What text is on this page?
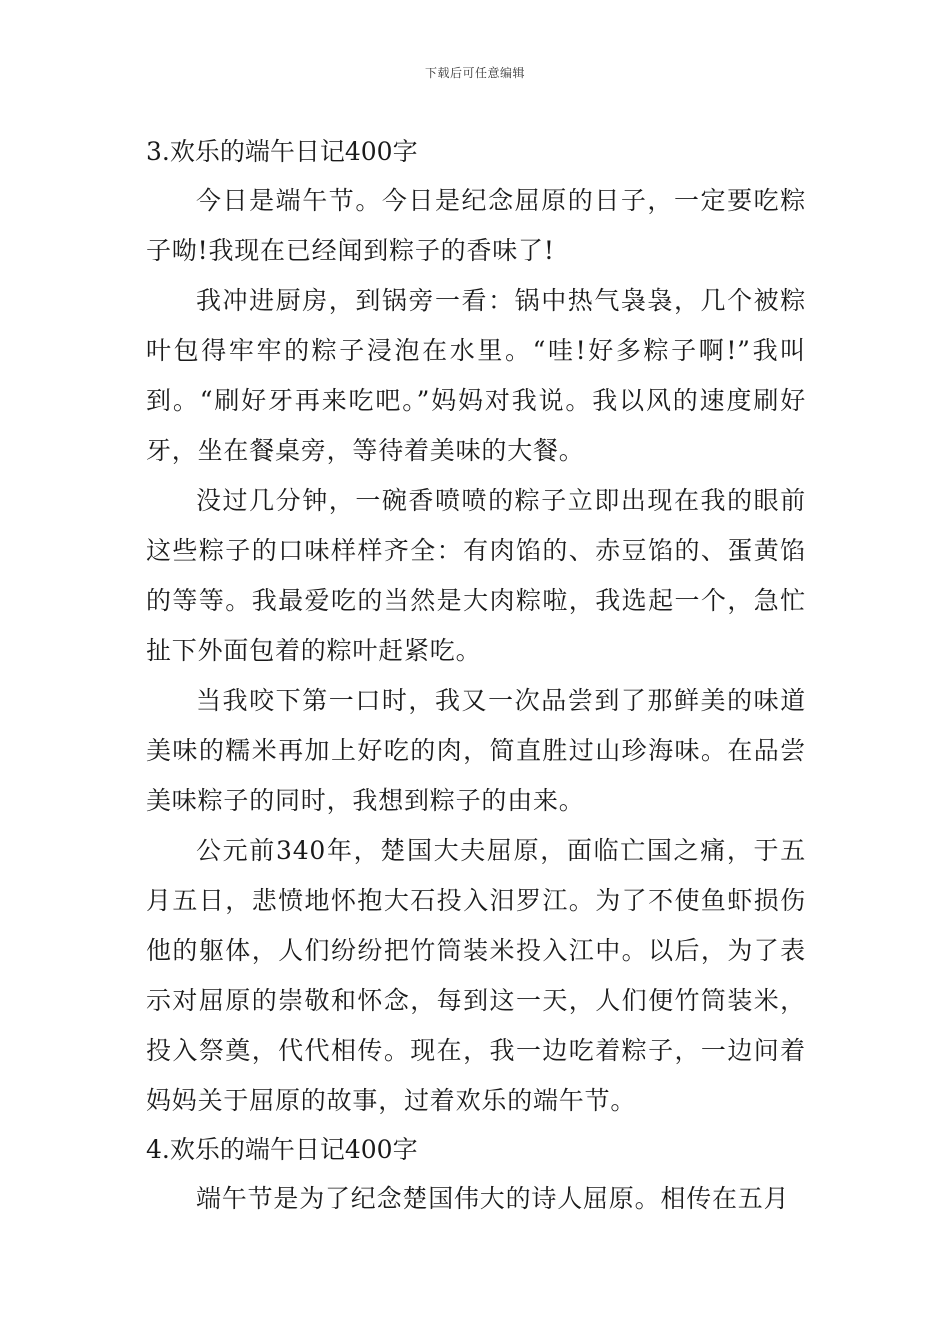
下载后可任意编辑
3.欢乐的端午日记400字

今日是端午节。今日是纪念屈原的日子，一定要吃粽子呦!我现在已经闻到粽子的香味了!

我冲进厨房，到锅旁一看：锅中热气袅袅，几个被粽叶包得牢牢的粽子浸泡在水里。“哇!好多粽子啊!”我叫到。“刷好牙再来吃吧。”妈妈对我说。我以风的速度刷好牙，坐在餐桌旁，等待着美味的大餐。

没过几分钟，一碗香喷喷的粽子立即出现在我的眼前这些粽子的口味样样齐全：有肉馅的、赤豆馅的、蛋黄馅的等等。我最爱吃的当然是大肉粽啦，我选起一个，急忙扯下外面包着的粽叶赶紧吃。

当我咬下第一口时，我又一次品尝到了那鲜美的味道美味的糯米再加上好吃的肉，简直胜过山珍海味。在品尝美味粽子的同时，我想到粽子的由来。

公元前340年，楚国大夫屈原，面临亡国之痛，于五月五日，悲愤地怀抱大石投入汨罗江。为了不使鱼虾损伤他的躯体，人们纷纷把竹筒装米投入江中。以后，为了表示对屈原的崇敬和怀念，每到这一天，人们便竹筒装米，投入祭奠，代代相传。现在，我一边吃着粽子，一边问着妈妈关于屈原的故事，过着欢乐的端午节。

4.欢乐的端午日记400字

端午节是为了纪念楚国伟大的诗人屈原。相传在五月
